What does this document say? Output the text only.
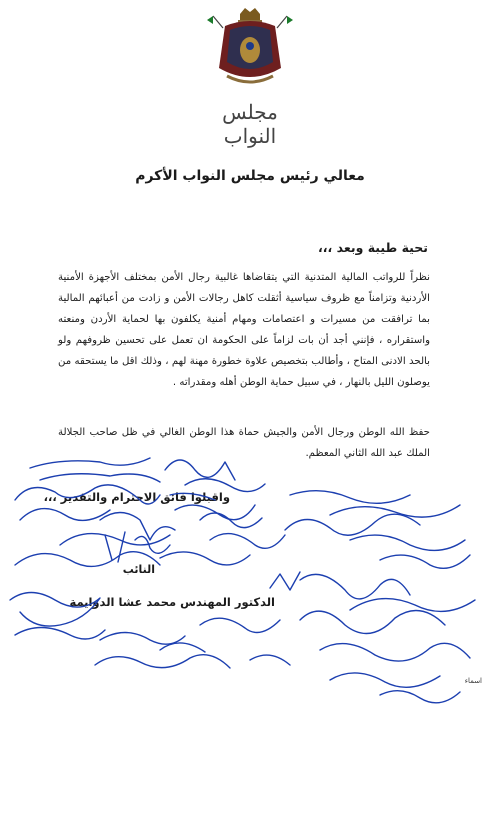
مجلس النواب
معالي رئيس مجلس النواب الأكرم
تحية طيبة وبعد ،،،
نظراً للرواتب المالية المتدنية التي يتقاضاها غالبية رجال الأمن بمختلف الأجهزة الأمنية الأردنية وتزامناً مع ظروف سياسية أثقلت كاهل رجالات الأمن و زادت من أعبائهم المالية بما ترافقت من مسيرات و اعتصامات ومهام أمنية يكلفون بها لحماية الأردن ومنعته واستقراره ، فإنني أجد أن بات لزاماً على الحكومة ان تعمل على تحسين ظروفهم ولو بالحد الادنى المتاح ، وأطالب بتخصيص علاوة خطورة مهنة لهم ، وذلك اقل ما يستحقه من يوصلون الليل بالنهار ، في سبيل حماية الوطن أهله ومقدراته .
حفظ الله الوطن ورجال الأمن والجيش حماة هذا الوطن الغالي في ظل صاحب الجلالة الملك عبد الله الثاني المعظم.
واقبلوا فائق الاحترام والتقدير ،،،
النائب
الدكتور المهندس محمد عشا الدوايمة
اسماء
